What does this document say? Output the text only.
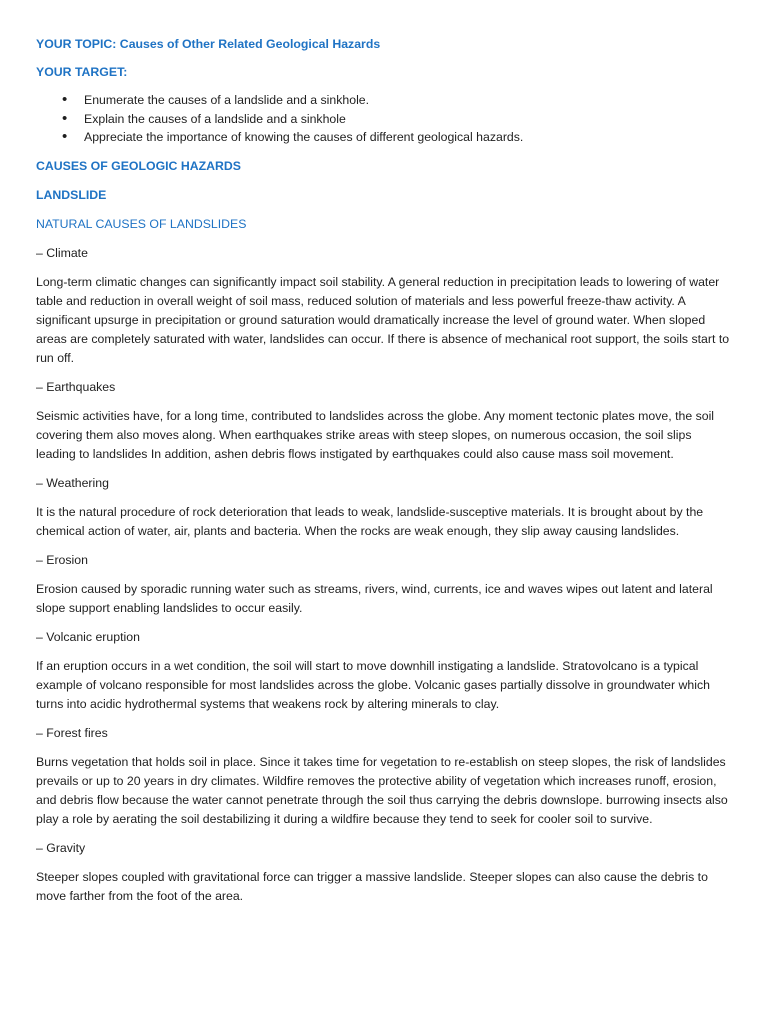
YOUR TOPIC: Causes of Other Related Geological Hazards

YOUR TARGET:

• Enumerate the causes of a landslide and a sinkhole.
• Explain the causes of a landslide and a sinkhole
• Appreciate the importance of knowing the causes of different geological hazards.

CAUSES OF GEOLOGIC HAZARDS

LANDSLIDE

NATURAL CAUSES OF LANDSLIDES

– Climate

Long-term climatic changes can significantly impact soil stability. A general reduction in precipitation leads to lowering of water table and reduction in overall weight of soil mass, reduced solution of materials and less powerful freeze-thaw activity. A significant upsurge in precipitation or ground saturation would dramatically increase the level of ground water. When sloped areas are completely saturated with water, landslides can occur. If there is absence of mechanical root support, the soils start to run off.

– Earthquakes

Seismic activities have, for a long time, contributed to landslides across the globe. Any moment tectonic plates move, the soil covering them also moves along. When earthquakes strike areas with steep slopes, on numerous occasion, the soil slips leading to landslides In addition, ashen debris flows instigated by earthquakes could also cause mass soil movement.

– Weathering

It is the natural procedure of rock deterioration that leads to weak, landslide-susceptive materials. It is brought about by the chemical action of water, air, plants and bacteria. When the rocks are weak enough, they slip away causing landslides.

– Erosion

Erosion caused by sporadic running water such as streams, rivers, wind, currents, ice and waves wipes out latent and lateral slope support enabling landslides to occur easily.

– Volcanic eruption

If an eruption occurs in a wet condition, the soil will start to move downhill instigating a landslide. Stratovolcano is a typical example of volcano responsible for most landslides across the globe. Volcanic gases partially dissolve in groundwater which turns into acidic hydrothermal systems that weakens rock by altering minerals to clay.

– Forest fires

Burns vegetation that holds soil in place. Since it takes time for vegetation to re-establish on steep slopes, the risk of landslides prevails or up to 20 years in dry climates. Wildfire removes the protective ability of vegetation which increases runoff, erosion, and debris flow because the water cannot penetrate through the soil thus carrying the debris downslope. burrowing insects also play a role by aerating the soil destabilizing it during a wildfire because they tend to seek for cooler soil to survive.

– Gravity

Steeper slopes coupled with gravitational force can trigger a massive landslide. Steeper slopes can also cause the debris to move farther from the foot of the area.
